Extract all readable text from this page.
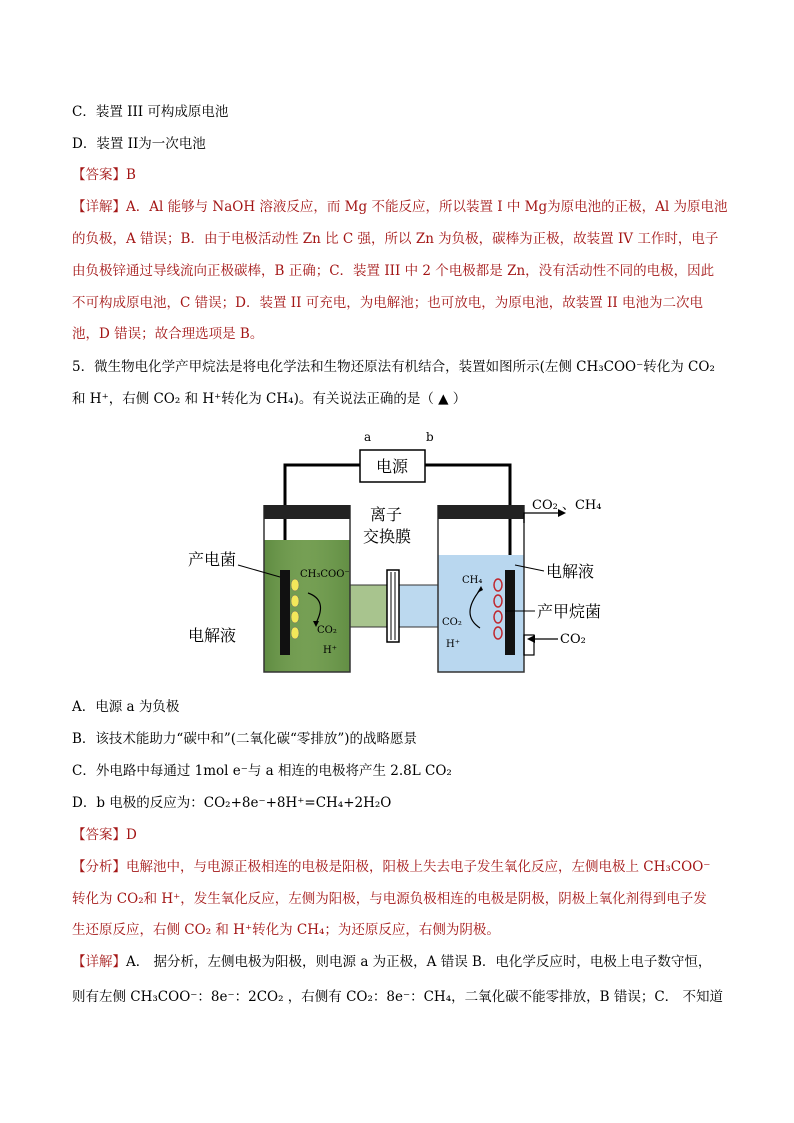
C．装置 III 可构成原电池
D．装置 II为一次电池
【答案】B
【详解】A．Al 能够与 NaOH 溶液反应，而 Mg 不能反应，所以装置 I 中 Mg为原电池的正极，Al 为原电池
的负极，A 错误；B．由于电极活动性 Zn 比 C 强，所以 Zn 为负极，碳棒为正极，故装置 IV 工作时，电子
由负极锌通过导线流向正极碳棒，B 正确；C．装置 III 中 2 个电极都是 Zn，没有活动性不同的电极，因此
不可构成原电池，C 错误；D．装置 II 可充电，为电解池；也可放电，为原电池，故装置 II 电池为二次电
池，D 错误；故合理选项是 B。
5．微生物电化学产甲烷法是将电化学法和生物还原法有机结合，装置如图所示(左侧 CH₃COO⁻转化为 CO₂
和 H⁺，右侧 CO₂ 和 H⁺转化为 CH₄)。有关说法正确的是（ ▲ ）
电源
a	b
CH₃COO⁻
CO₂
H⁺
CH₄
CO₂
H⁺
离子
交换膜
产电菌
电解液
电解液
产甲烷菌
CO₂ 、CH₄
CO₂
A．电源 a 为负极
B．该技术能助力“碳中和”(二氧化碳“零排放”)的战略愿景
C．外电路中每通过 1mol e⁻与 a 相连的电极将产生 2.8L CO₂
D．b 电极的反应为：CO₂+8e⁻+8H⁺=CH₄+2H₂O
【答案】D
【分析】电解池中，与电源正极相连的电极是阳极，阳极上失去电子发生氧化反应，左侧电极上 CH₃COO⁻
转化为 CO₂和 H⁺，发生氧化反应，左侧为阳极，与电源负极相连的电极是阴极，阴极上氧化剂得到电子发
生还原反应，右侧 CO₂ 和 H⁺转化为 CH₄；为还原反应，右侧为阴极。
【详解】A． 据分析，左侧电极为阳极，则电源 a 为正极，A 错误 B．电化学反应时，电极上电子数守恒，
则有左侧 CH₃COO⁻：8e⁻：2CO₂ ，右侧有 CO₂：8e⁻：CH₄，二氧化碳不能零排放，B 错误；C． 不知道
